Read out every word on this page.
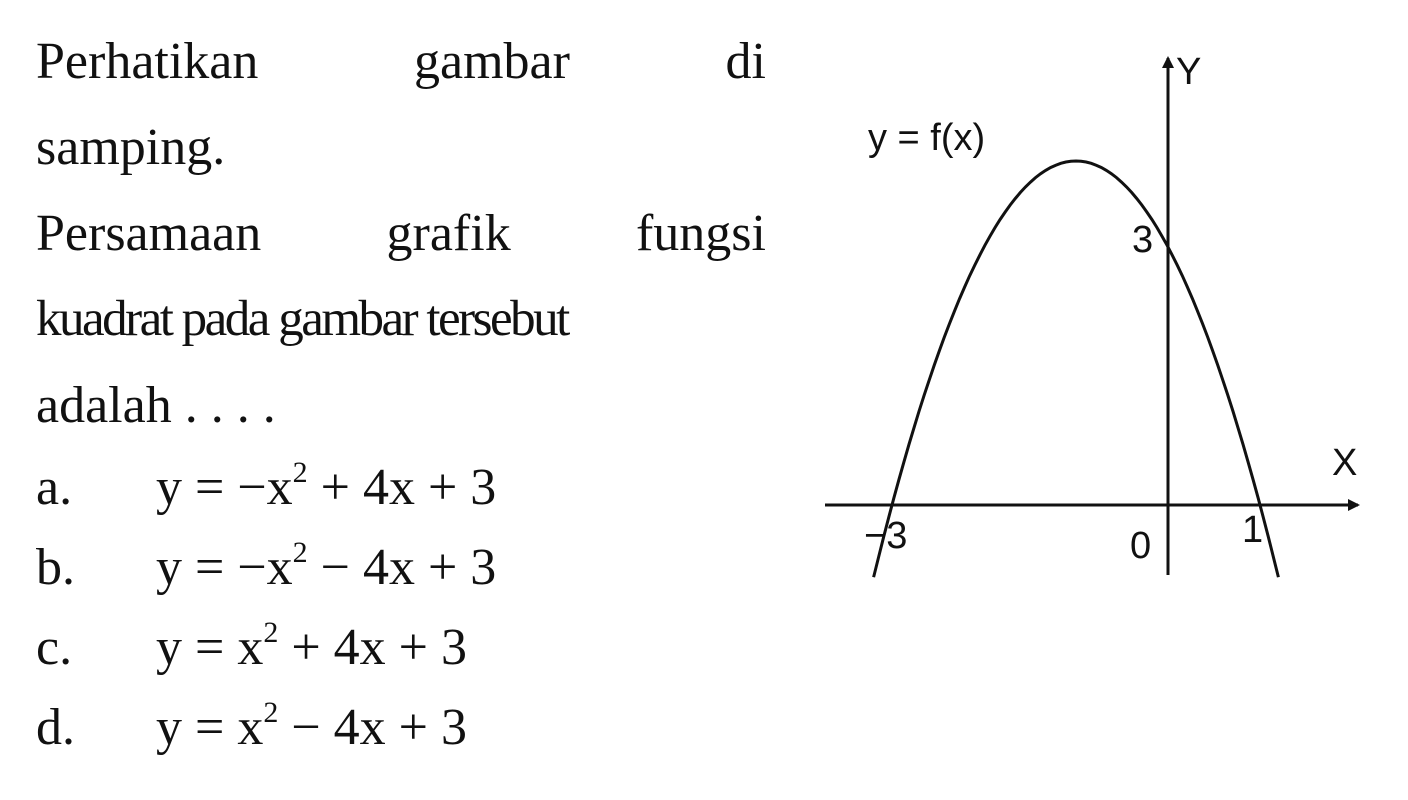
Perhatikan	gambar	di
samping.
Persamaan grafik fungsi
kuadrat pada gambar tersebut
adalah . . . .
a.	$y = -x^2 + 4x + 3$
b.	$y = -x^2 - 4x + 3$
c.	$y = x^2 + 4x + 3$
d.	$y = x^2 - 4x + 3$
Y
X
y = f(x)
3
−3	0 1
